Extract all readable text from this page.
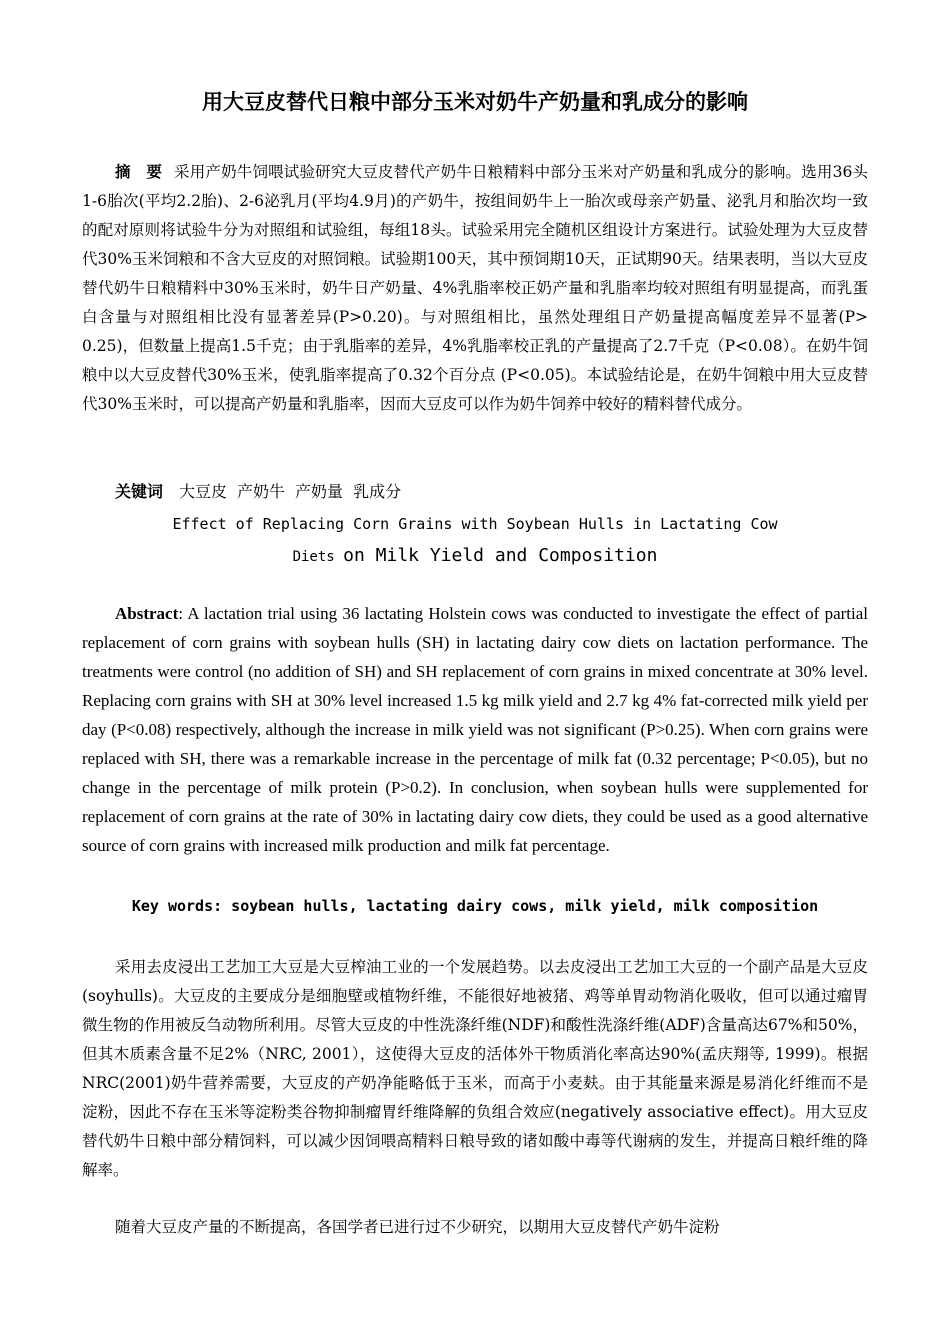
用大豆皮替代日粮中部分玉米对奶牛产奶量和乳成分的影响

摘　要 采用产奶牛饲喂试验研究大豆皮替代产奶牛日粮精料中部分玉米对产奶量和乳成分的影响。选用36头1-6胎次(平均2.2胎)、2-6泌乳月(平均4.9月)的产奶牛，按组间奶牛上一胎次或母亲产奶量、泌乳月和胎次均一致的配对原则将试验牛分为对照组和试验组，每组18头。试验采用完全随机区组设计方案进行。试验处理为大豆皮替代30%玉米饲粮和不含大豆皮的对照饲粮。试验期100天，其中预饲期10天，正试期90天。结果表明，当以大豆皮替代奶牛日粮精料中30%玉米时，奶牛日产奶量、4%乳脂率校正奶产量和乳脂率均较对照组有明显提高，而乳蛋白含量与对照组相比没有显著差异(P>0.20)。与对照组相比，虽然处理组日产奶量提高幅度差异不显著(P> 0.25)，但数量上提高1.5千克；由于乳脂率的差异，4%乳脂率校正乳的产量提高了2.7千克（P<0.08）。在奶牛饲粮中以大豆皮替代30%玉米，使乳脂率提高了0.32个百分点 (P<0.05)。本试验结论是，在奶牛饲粮中用大豆皮替代30%玉米时，可以提高产奶量和乳脂率，因而大豆皮可以作为奶牛饲养中较好的精料替代成分。

关键词 大豆皮 产奶牛 产奶量 乳成分

Effect of Replacing Corn Grains with Soybean Hulls in Lactating Cow

Diets on Milk Yield and Composition

Abstract: A lactation trial using 36 lactating Holstein cows was conducted to investigate the effect of partial replacement of corn grains with soybean hulls (SH) in lactating dairy cow diets on lactation performance. The treatments were control (no addition of SH) and SH replacement of corn grains in mixed concentrate at 30% level. Replacing corn grains with SH at 30% level increased 1.5 kg milk yield and 2.7 kg 4% fat-corrected milk yield per day (P<0.08) respectively, although the increase in milk yield was not significant (P>0.25). When corn grains were replaced with SH, there was a remarkable increase in the percentage of milk fat (0.32 percentage; P<0.05), but no change in the percentage of milk protein (P>0.2). In conclusion, when soybean hulls were supplemented for replacement of corn grains at the rate of 30% in lactating dairy cow diets, they could be used as a good alternative source of corn grains with increased milk production and milk fat percentage.

Key words: soybean hulls, lactating dairy cows, milk yield, milk composition

采用去皮浸出工艺加工大豆是大豆榨油工业的一个发展趋势。以去皮浸出工艺加工大豆的一个副产品是大豆皮(soyhulls)。大豆皮的主要成分是细胞壁或植物纤维，不能很好地被猪、鸡等单胃动物消化吸收，但可以通过瘤胃微生物的作用被反刍动物所利用。尽管大豆皮的中性洗涤纤维(NDF)和酸性洗涤纤维(ADF)含量高达67%和50%，但其木质素含量不足2%（NRC, 2001），这使得大豆皮的活体外干物质消化率高达90%(孟庆翔等, 1999)。根据NRC(2001)奶牛营养需要，大豆皮的产奶净能略低于玉米，而高于小麦麸。由于其能量来源是易消化纤维而不是淀粉，因此不存在玉米等淀粉类谷物抑制瘤胃纤维降解的负组合效应(negatively associative effect)。用大豆皮替代奶牛日粮中部分精饲料，可以减少因饲喂高精料日粮导致的诸如酸中毒等代谢病的发生，并提高日粮纤维的降解率。

随着大豆皮产量的不断提高，各国学者已进行过不少研究，以期用大豆皮替代产奶牛淀粉
